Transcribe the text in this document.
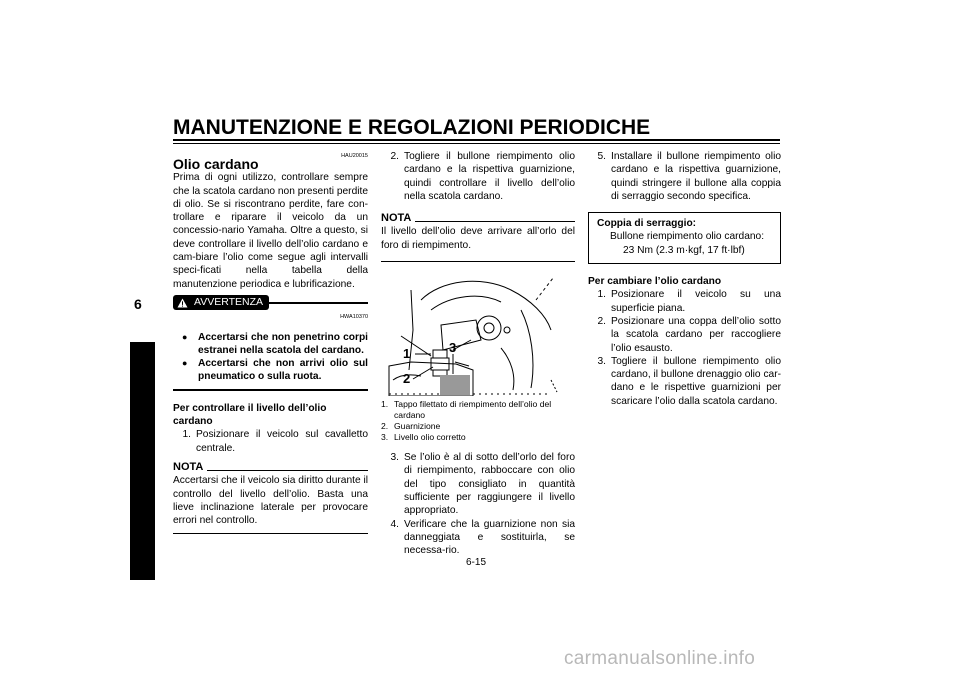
MANUTENZIONE E REGOLAZIONI PERIODICHE
6
Olio cardano	HAU20015
Prima di ogni utilizzo, controllare sempre che la scatola cardano non presenti perdite di olio. Se si riscontrano perdite, fare con-trollare e riparare il veicolo da un concessio-nario Yamaha. Oltre a questo, si deve controllare il livello dell’olio cardano e cam-biare l’olio come segue agli intervalli speci-ficati nella tabella della manutenzione periodica e lubrificazione.
AVVERTENZA
HWA10370
●	Accertarsi che non penetrino corpi estranei nella scatola del cardano.
●	Accertarsi che non arrivi olio sul pneumatico o sulla ruota.
Per controllare il livello dell’olio cardano
1. Posizionare il veicolo sul cavalletto centrale.
NOTA
Accertarsi che il veicolo sia diritto durante il controllo del livello dell’olio. Basta una lieve inclinazione laterale per provocare errori nel controllo.
2. Togliere il bullone riempimento olio cardano e la rispettiva guarnizione, quindi controllare il livello dell’olio nella scatola cardano.
NOTA
Il livello dell’olio deve arrivare all’orlo del foro di riempimento.
1
2
3
1. Tappo filettato di riempimento dell’olio del cardano
2. Guarnizione
3. Livello olio corretto
3. Se l’olio è al di sotto dell’orlo del foro di riempimento, rabboccare con olio del tipo consigliato in quantità sufficiente per raggiungere il livello appropriato.
4. Verificare che la guarnizione non sia danneggiata e sostituirla, se necessa-rio.
5. Installare il bullone riempimento olio cardano e la rispettiva guarnizione, quindi stringere il bullone alla coppia di serraggio secondo specifica.
Coppia di serraggio:
Bullone riempimento olio cardano:
23 Nm (2.3 m·kgf, 17 ft·lbf)
Per cambiare l’olio cardano
1. Posizionare il veicolo su una superficie piana.
2. Posizionare una coppa dell’olio sotto la scatola cardano per raccogliere l’olio esausto.
3. Togliere il bullone riempimento olio cardano, il bullone drenaggio olio car-dano e le rispettive guarnizioni per scaricare l’olio dalla scatola cardano.
6-15
carmanualsonline.info
